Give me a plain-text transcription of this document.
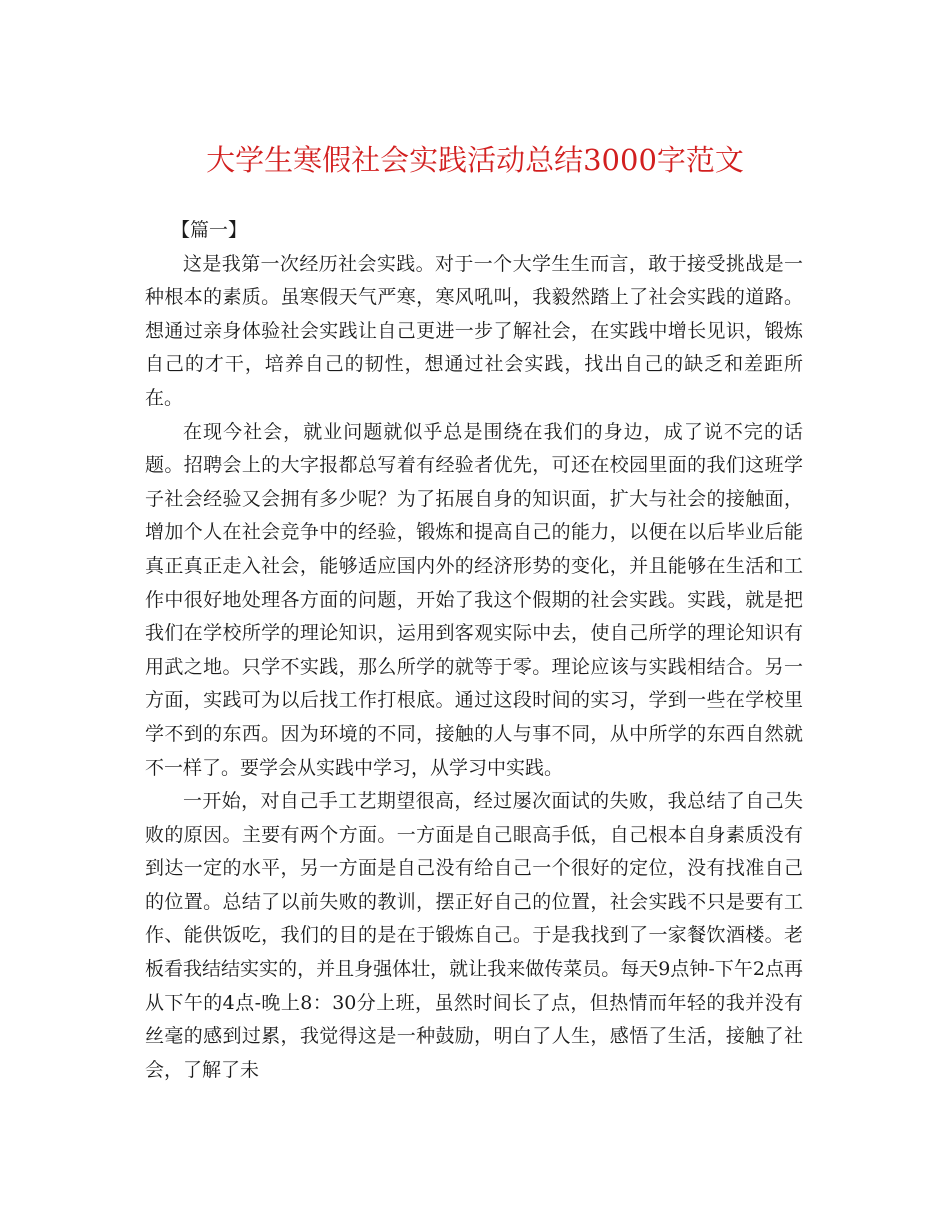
大学生寒假社会实践活动总结3000字范文

【篇一】

这是我第一次经历社会实践。对于一个大学生生而言，敢于接受挑战是一种根本的素质。虽寒假天气严寒，寒风吼叫，我毅然踏上了社会实践的道路。想通过亲身体验社会实践让自己更进一步了解社会，在实践中增长见识，锻炼自己的才干，培养自己的韧性，想通过社会实践，找出自己的缺乏和差距所在。

在现今社会，就业问题就似乎总是围绕在我们的身边，成了说不完的话题。招聘会上的大字报都总写着有经验者优先，可还在校园里面的我们这班学子社会经验又会拥有多少呢？为了拓展自身的知识面，扩大与社会的接触面，增加个人在社会竞争中的经验，锻炼和提高自己的能力，以便在以后毕业后能真正真正走入社会，能够适应国内外的经济形势的变化，并且能够在生活和工作中很好地处理各方面的问题，开始了我这个假期的社会实践。实践，就是把我们在学校所学的理论知识，运用到客观实际中去，使自己所学的理论知识有用武之地。只学不实践，那么所学的就等于零。理论应该与实践相结合。另一方面，实践可为以后找工作打根底。通过这段时间的实习，学到一些在学校里学不到的东西。因为环境的不同，接触的人与事不同，从中所学的东西自然就不一样了。要学会从实践中学习，从学习中实践。

一开始，对自己手工艺期望很高，经过屡次面试的失败，我总结了自己失败的原因。主要有两个方面。一方面是自己眼高手低，自己根本自身素质没有到达一定的水平，另一方面是自己没有给自己一个很好的定位，没有找准自己的位置。总结了以前失败的教训，摆正好自己的位置，社会实践不只是要有工作、能供饭吃，我们的目的是在于锻炼自己。于是我找到了一家餐饮酒楼。老板看我结结实实的，并且身强体壮，就让我来做传菜员。每天9点钟-下午2点再从下午的4点-晚上8：30分上班，虽然时间长了点，但热情而年轻的我并没有丝毫的感到过累，我觉得这是一种鼓励，明白了人生，感悟了生活，接触了社会，了解了未
